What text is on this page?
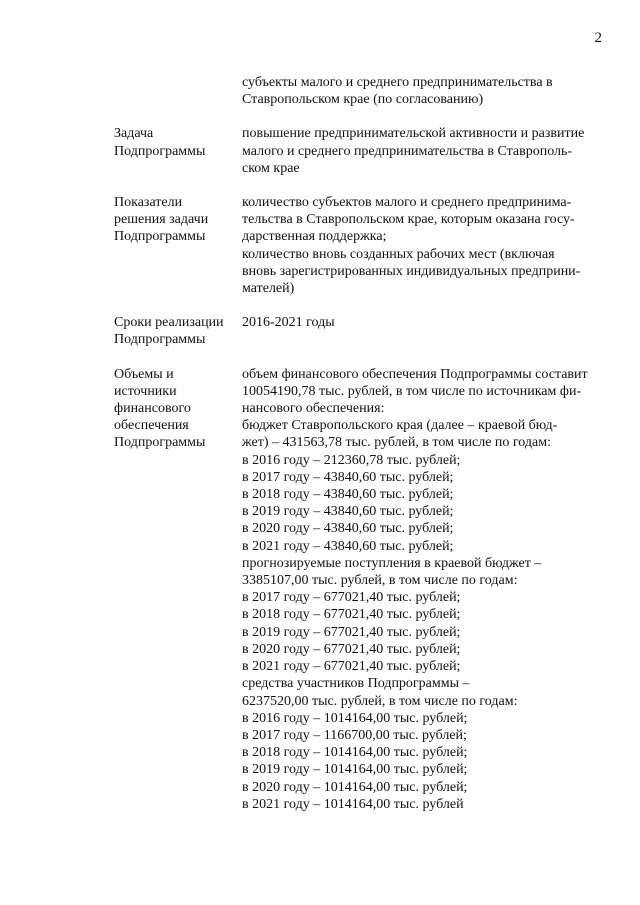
2
субъекты малого и среднего предпринимательства в
Ставропольском крае (по согласованию)
Задача
Подпрограммы
повышение предпринимательской активности и развитие
малого и среднего предпринимательства в Ставрополь-
ском крае
Показатели
решения задачи
Подпрограммы
количество субъектов малого и среднего предпринима-
тельства в Ставропольском крае, которым оказана госу-
дарственная поддержка;
количество вновь созданных рабочих мест (включая
вновь зарегистрированных индивидуальных предприни-
мателей)
Сроки реализации
Подпрограммы
2016-2021 годы
Объемы и
источники
финансового
обеспечения
Подпрограммы
объем финансового обеспечения Подпрограммы составит
10054190,78 тыс. рублей, в том числе по источникам фи-
нансового обеспечения:
бюджет Ставропольского края (далее – краевой бюд-
жет) – 431563,78 тыс. рублей, в том числе по годам:
в 2016 году – 212360,78 тыс. рублей;
в 2017 году – 43840,60 тыс. рублей;
в 2018 году – 43840,60 тыс. рублей;
в 2019 году – 43840,60 тыс. рублей;
в 2020 году – 43840,60 тыс. рублей;
в 2021 году – 43840,60 тыс. рублей;
прогнозируемые поступления в краевой бюджет –
3385107,00 тыс. рублей, в том числе по годам:
в 2017 году – 677021,40 тыс. рублей;
в 2018 году – 677021,40 тыс. рублей;
в 2019 году – 677021,40 тыс. рублей;
в 2020 году – 677021,40 тыс. рублей;
в 2021 году – 677021,40 тыс. рублей;
средства участников Подпрограммы –
6237520,00 тыс. рублей, в том числе по годам:
в 2016 году – 1014164,00 тыс. рублей;
в 2017 году – 1166700,00 тыс. рублей;
в 2018 году – 1014164,00 тыс. рублей;
в 2019 году – 1014164,00 тыс. рублей;
в 2020 году – 1014164,00 тыс. рублей;
в 2021 году – 1014164,00 тыс. рублей
